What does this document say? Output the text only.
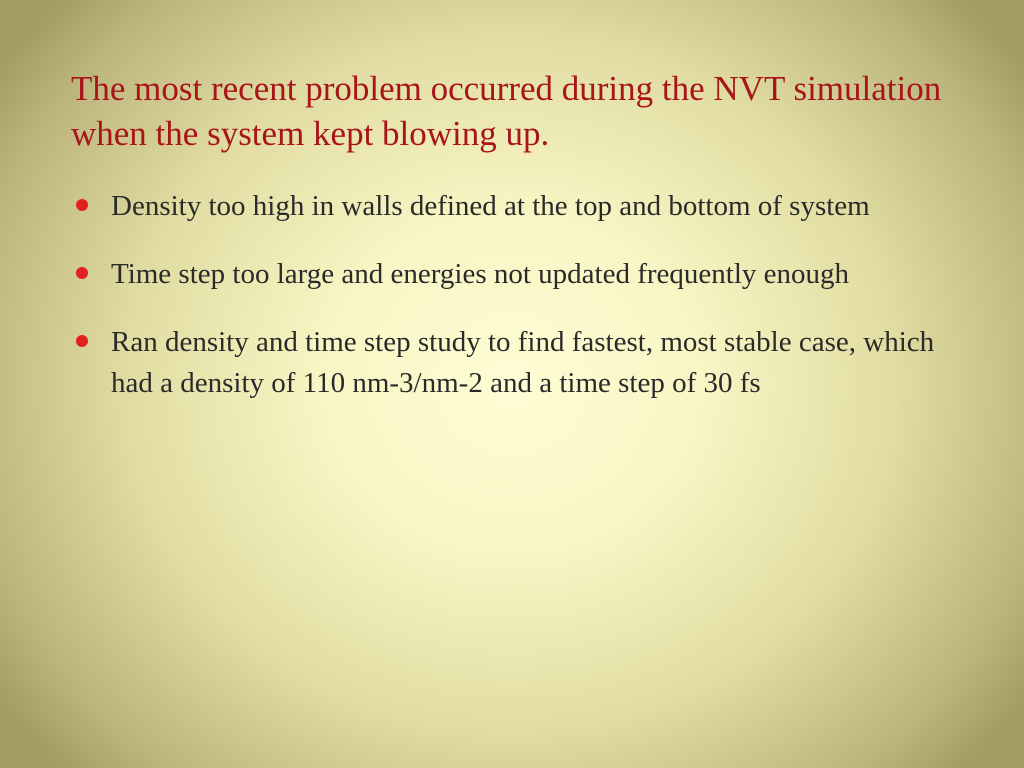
The most recent problem occurred during the NVT simulation when the system kept blowing up.
Density too high in walls defined at the top and bottom of system
Time step too large and energies not updated frequently enough
Ran density and time step study to find fastest, most stable case, which had a density of 110 nm-3/nm-2 and a time step of 30 fs
